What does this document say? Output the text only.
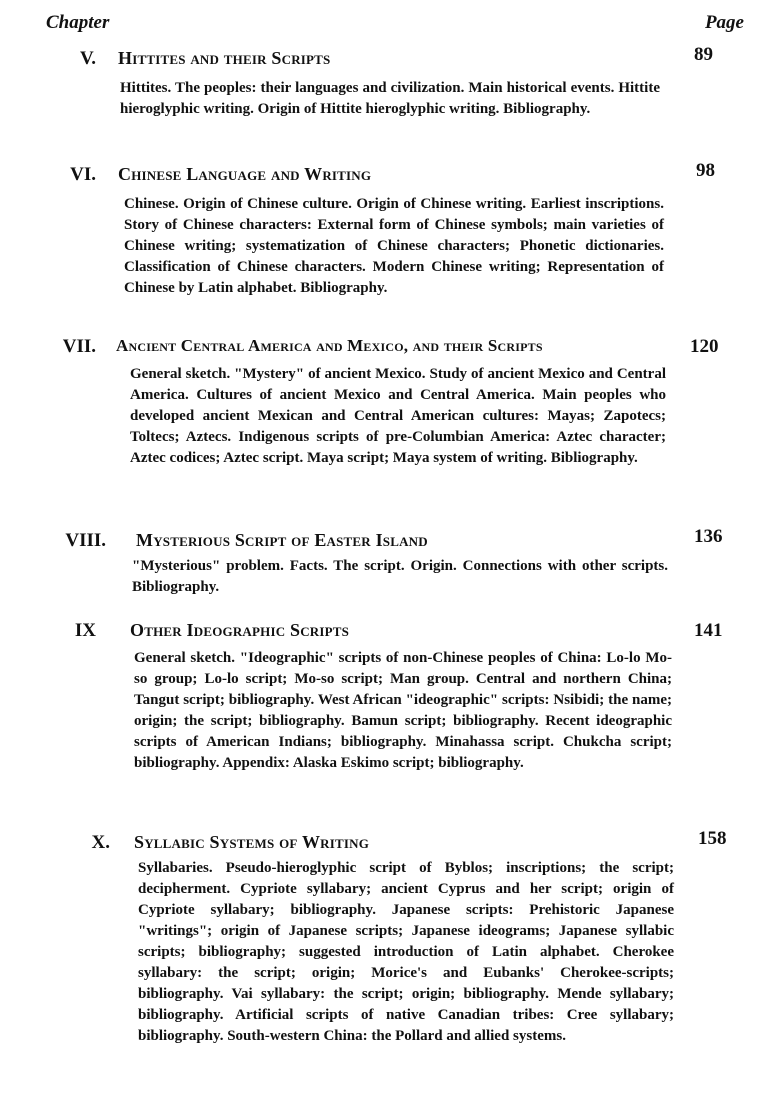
Chapter	Page
V. Hittites and their Scripts	89
Hittites. The peoples: their languages and civilization. Main historical events. Hittite hieroglyphic writing. Origin of Hittite hieroglyphic writing. Bibliography.
VI. Chinese Language and Writing	98
Chinese. Origin of Chinese culture. Origin of Chinese writing. Earliest inscriptions. Story of Chinese characters: External form of Chinese symbols; main varieties of Chinese writing; systematization of Chinese characters; Phonetic dictionaries. Classification of Chinese characters. Modern Chinese writing; Representation of Chinese by Latin alphabet. Bibliography.
VII. Ancient Central America and Mexico, and their Scripts	120
General sketch. "Mystery" of ancient Mexico. Study of ancient Mexico and Central America. Cultures of ancient Mexico and Central America. Main peoples who developed ancient Mexican and Central American cultures: Mayas; Zapotecs; Toltecs; Aztecs. Indigenous scripts of pre-Columbian America: Aztec character; Aztec codices; Aztec script. Maya script; Maya system of writing. Bibliography.
VIII. Mysterious Script of Easter Island	136
"Mysterious" problem. Facts. The script. Origin. Connections with other scripts. Bibliography.
IX Other Ideographic Scripts	141
General sketch. "Ideographic" scripts of non-Chinese peoples of China: Lo-lo Mo-so group; Lo-lo script; Mo-so script; Man group. Central and northern China; Tangut script; bibliography. West African "ideographic" scripts: Nsibidi; the name; origin; the script; bibliography. Bamun script; bibliography. Recent ideographic scripts of American Indians; bibliography. Minahassa script. Chukcha script; bibliography. Appendix: Alaska Eskimo script; bibliography.
X. Syllabic Systems of Writing	158
Syllabaries. Pseudo-hieroglyphic script of Byblos; inscriptions; the script; decipherment. Cypriote syllabary; ancient Cyprus and her script; origin of Cypriote syllabary; bibliography. Japanese scripts: Prehistoric Japanese "writings"; origin of Japanese scripts; Japanese ideograms; Japanese syllabic scripts; bibliography; suggested introduction of Latin alphabet. Cherokee syllabary: the script; origin; Morice's and Eubanks' Cherokee-scripts; bibliography. Vai syllabary: the script; origin; bibliography. Mende syllabary; bibliography. Artificial scripts of native Canadian tribes: Cree syllabary; bibliography. South-western China: the Pollard and allied systems.
